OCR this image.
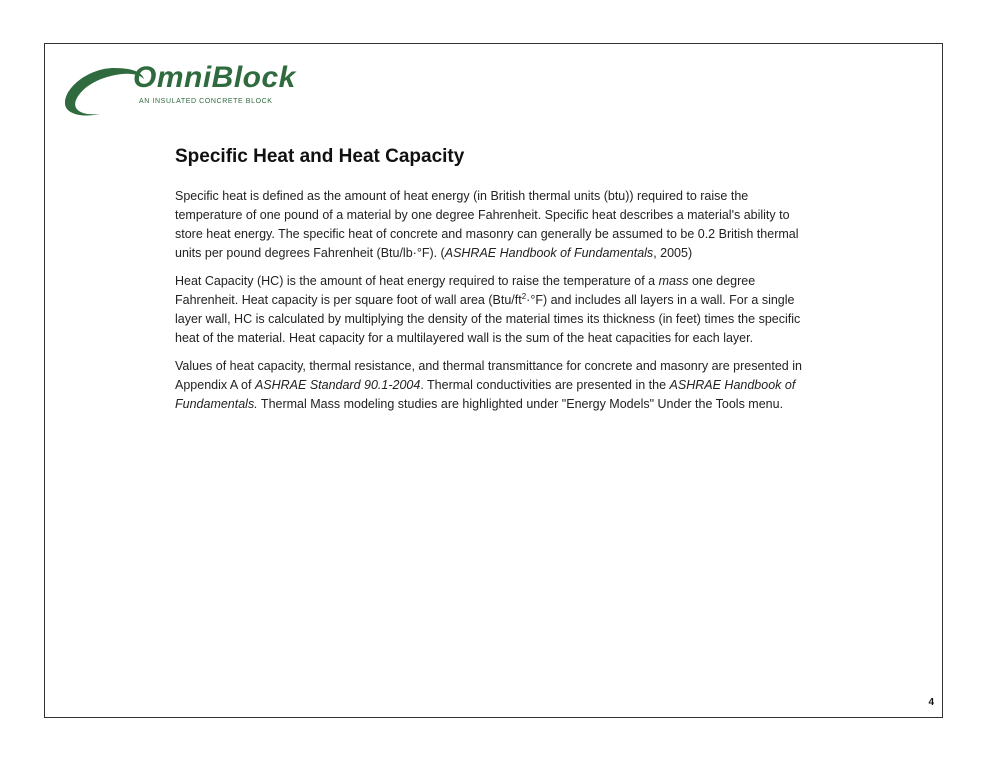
OmniBlock
AN INSULATED CONCRETE BLOCK
Specific Heat and Heat Capacity

Specific heat is defined as the amount of heat energy (in British thermal units (btu)) required to raise the temperature of one pound of a material by one degree Fahrenheit. Specific heat describes a material's ability to store heat energy. The specific heat of concrete and masonry can generally be assumed to be 0.2 British thermal units per pound degrees Fahrenheit (Btu/lb·°F). (ASHRAE Handbook of Fundamentals, 2005)

Heat Capacity (HC) is the amount of heat energy required to raise the temperature of a mass one degree Fahrenheit. Heat capacity is per square foot of wall area $(Btu/ft^2\cdot^\circ F)$ and includes all layers in a wall. For a single layer wall, HC is calculated by multiplying the density of the material times its thickness (in feet) times the specific heat of the material. Heat capacity for a multilayered wall is the sum of the heat capacities for each layer.

Values of heat capacity, thermal resistance, and thermal transmittance for concrete and masonry are presented in Appendix A of ASHRAE Standard 90.1-2004. Thermal conductivities are presented in the ASHRAE Handbook of Fundamentals. Thermal Mass modeling studies are highlighted under "Energy Models" Under the Tools menu.

4
